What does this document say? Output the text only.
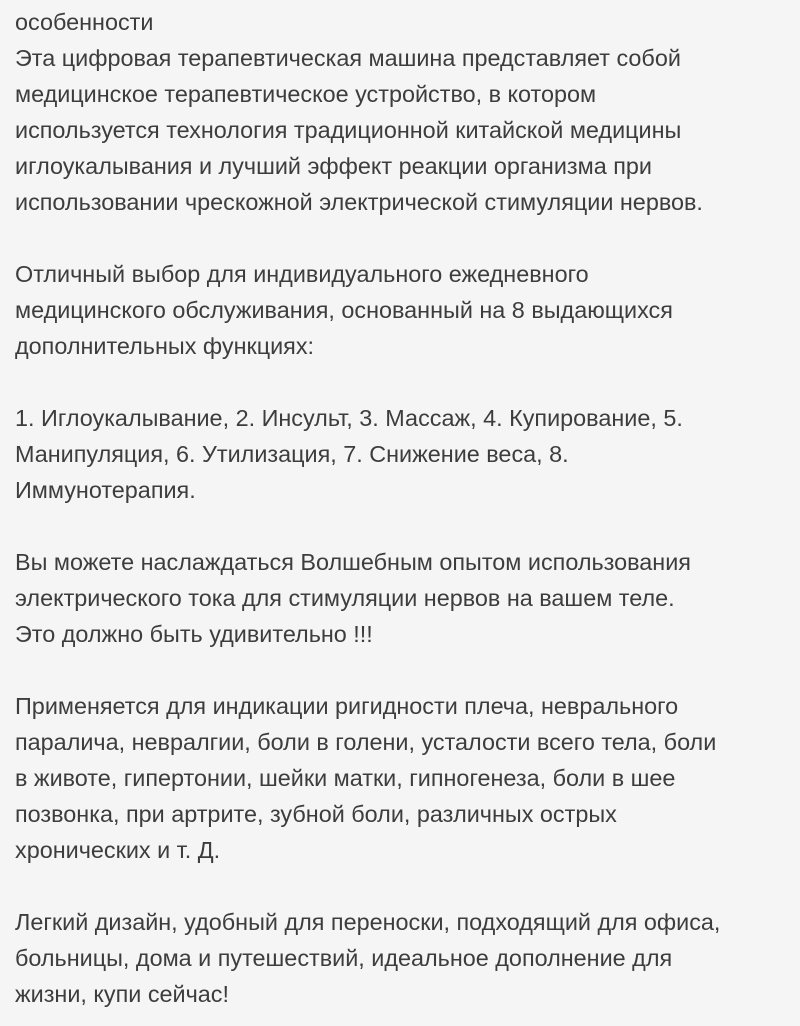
особенности
Эта цифровая терапевтическая машина представляет собой
медицинское терапевтическое устройство, в котором
используется технология традиционной китайской медицины
иглоукалывания и лучший эффект реакции организма при
использовании чрескожной электрической стимуляции нервов.
Отличный выбор для индивидуального ежедневного
медицинского обслуживания, основанный на 8 выдающихся
дополнительных функциях:
1. Иглоукалывание, 2. Инсульт, 3. Массаж, 4. Купирование, 5.
Манипуляция, 6. Утилизация, 7. Снижение веса, 8.
Иммунотерапия.
Вы можете наслаждаться Волшебным опытом использования
электрического тока для стимуляции нервов на вашем теле.
Это должно быть удивительно !!!
Применяется для индикации ригидности плеча, неврального
паралича, невралгии, боли в голени, усталости всего тела, боли
в животе, гипертонии, шейки матки, гипногенеза, боли в шее
позвонка, при артрите, зубной боли, различных острых
хронических и т. Д.
Легкий дизайн, удобный для переноски, подходящий для офиса,
больницы, дома и путешествий, идеальное дополнение для
жизни, купи сейчас!
